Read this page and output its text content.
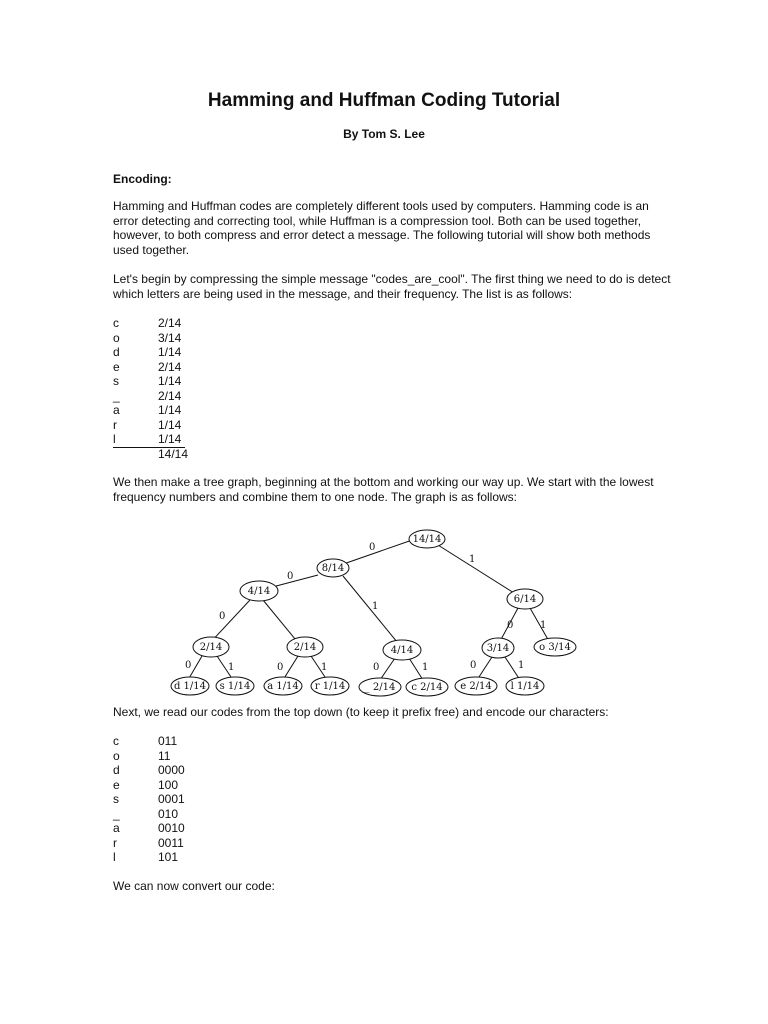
Hamming and Huffman Coding Tutorial
By Tom S. Lee
Encoding:

Hamming and Huffman codes are completely different tools used by computers. Hamming code is an error detecting and correcting tool, while Huffman is a compression tool. Both can be used together, however, to both compress and error detect a message. The following tutorial will show both methods used together.

Let's begin by compressing the simple message "codes_are_cool". The first thing we need to do is detect which letters are being used in the message, and their frequency. The list is as follows:

c	2/14
o	3/14
d	1/14
e	2/14
s	1/14
_	2/14
a	1/14
r	1/14
l	1/14
14/14

We then make a tree graph, beginning at the bottom and working our way up. We start with the lowest frequency numbers and combine them to one node. The graph is as follows:

0
1
0
1
0
0	1
0	1	0	1	0	1	0	1
14/14
8/14
6/14
4/14
4/14	3/14
2/14	2/14	o 3/14
d 1/14 s 1/14 a 1/14 r 1/14 _ 2/14 c 2/14 e 2/14 l 1/14

Next, we read our codes from the top down (to keep it prefix free) and encode our characters:

c	011
o	11
d	0000
e	100
s	0001
_	010
a	0010
r	0011
l	101

We can now convert our code:
